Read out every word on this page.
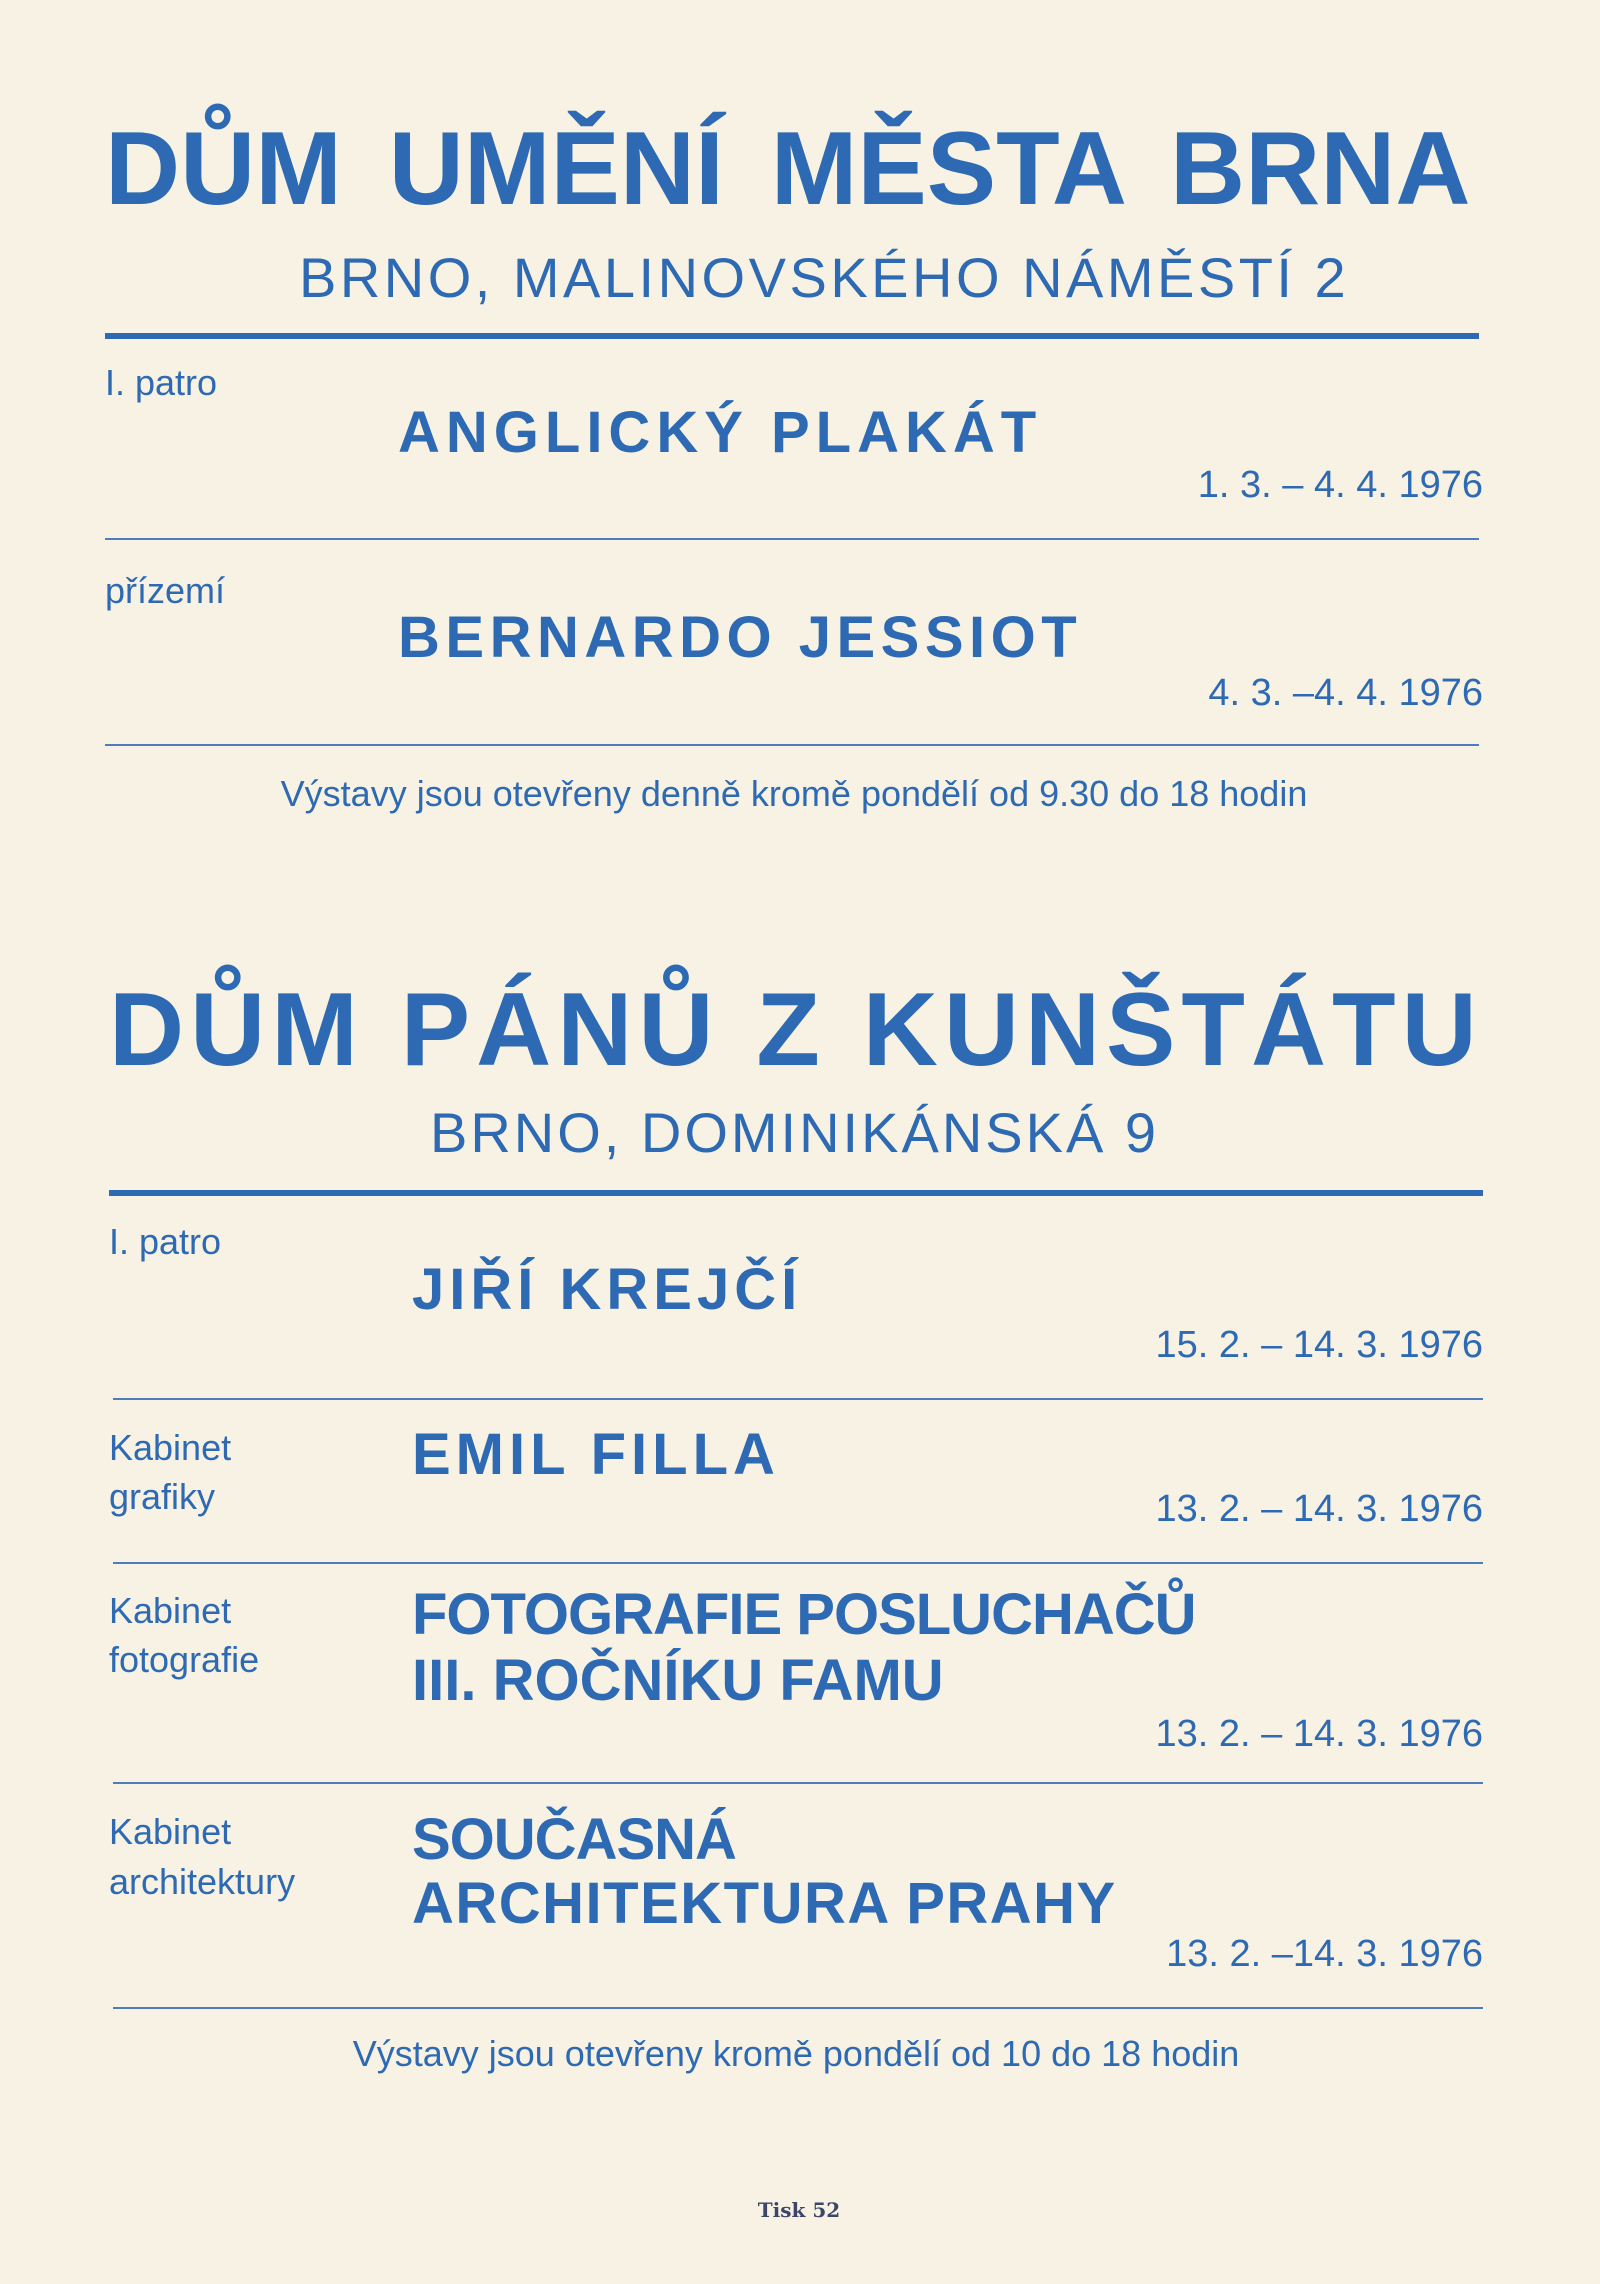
DŮM UMĚNÍ MĚSTA BRNA
BRNO, MALINOVSKÉHO NÁMĚSTÍ 2
I. patro
ANGLICKÝ PLAKÁT
1. 3. – 4. 4. 1976
přízemí
BERNARDO JESSIOT
4. 3. –4. 4. 1976
Výstavy jsou otevřeny denně kromě pondělí od 9.30 do 18 hodin
DŮM PÁNŮ Z KUNŠTÁTU
BRNO, DOMINIKÁNSKÁ 9
I. patro
JIŘÍ KREJČÍ
15. 2. – 14. 3. 1976
Kabinet
grafiky
EMIL FILLA
13. 2. – 14. 3. 1976
Kabinet
fotografie
FOTOGRAFIE POSLUCHAČŮ
III. ROČNÍKU FAMU
13. 2. – 14. 3. 1976
Kabinet
architektury
SOUČASNÁ
ARCHITEKTURA PRAHY
13. 2. –14. 3. 1976
Výstavy jsou otevřeny kromě pondělí od 10 do 18 hodin
Tisk 52
